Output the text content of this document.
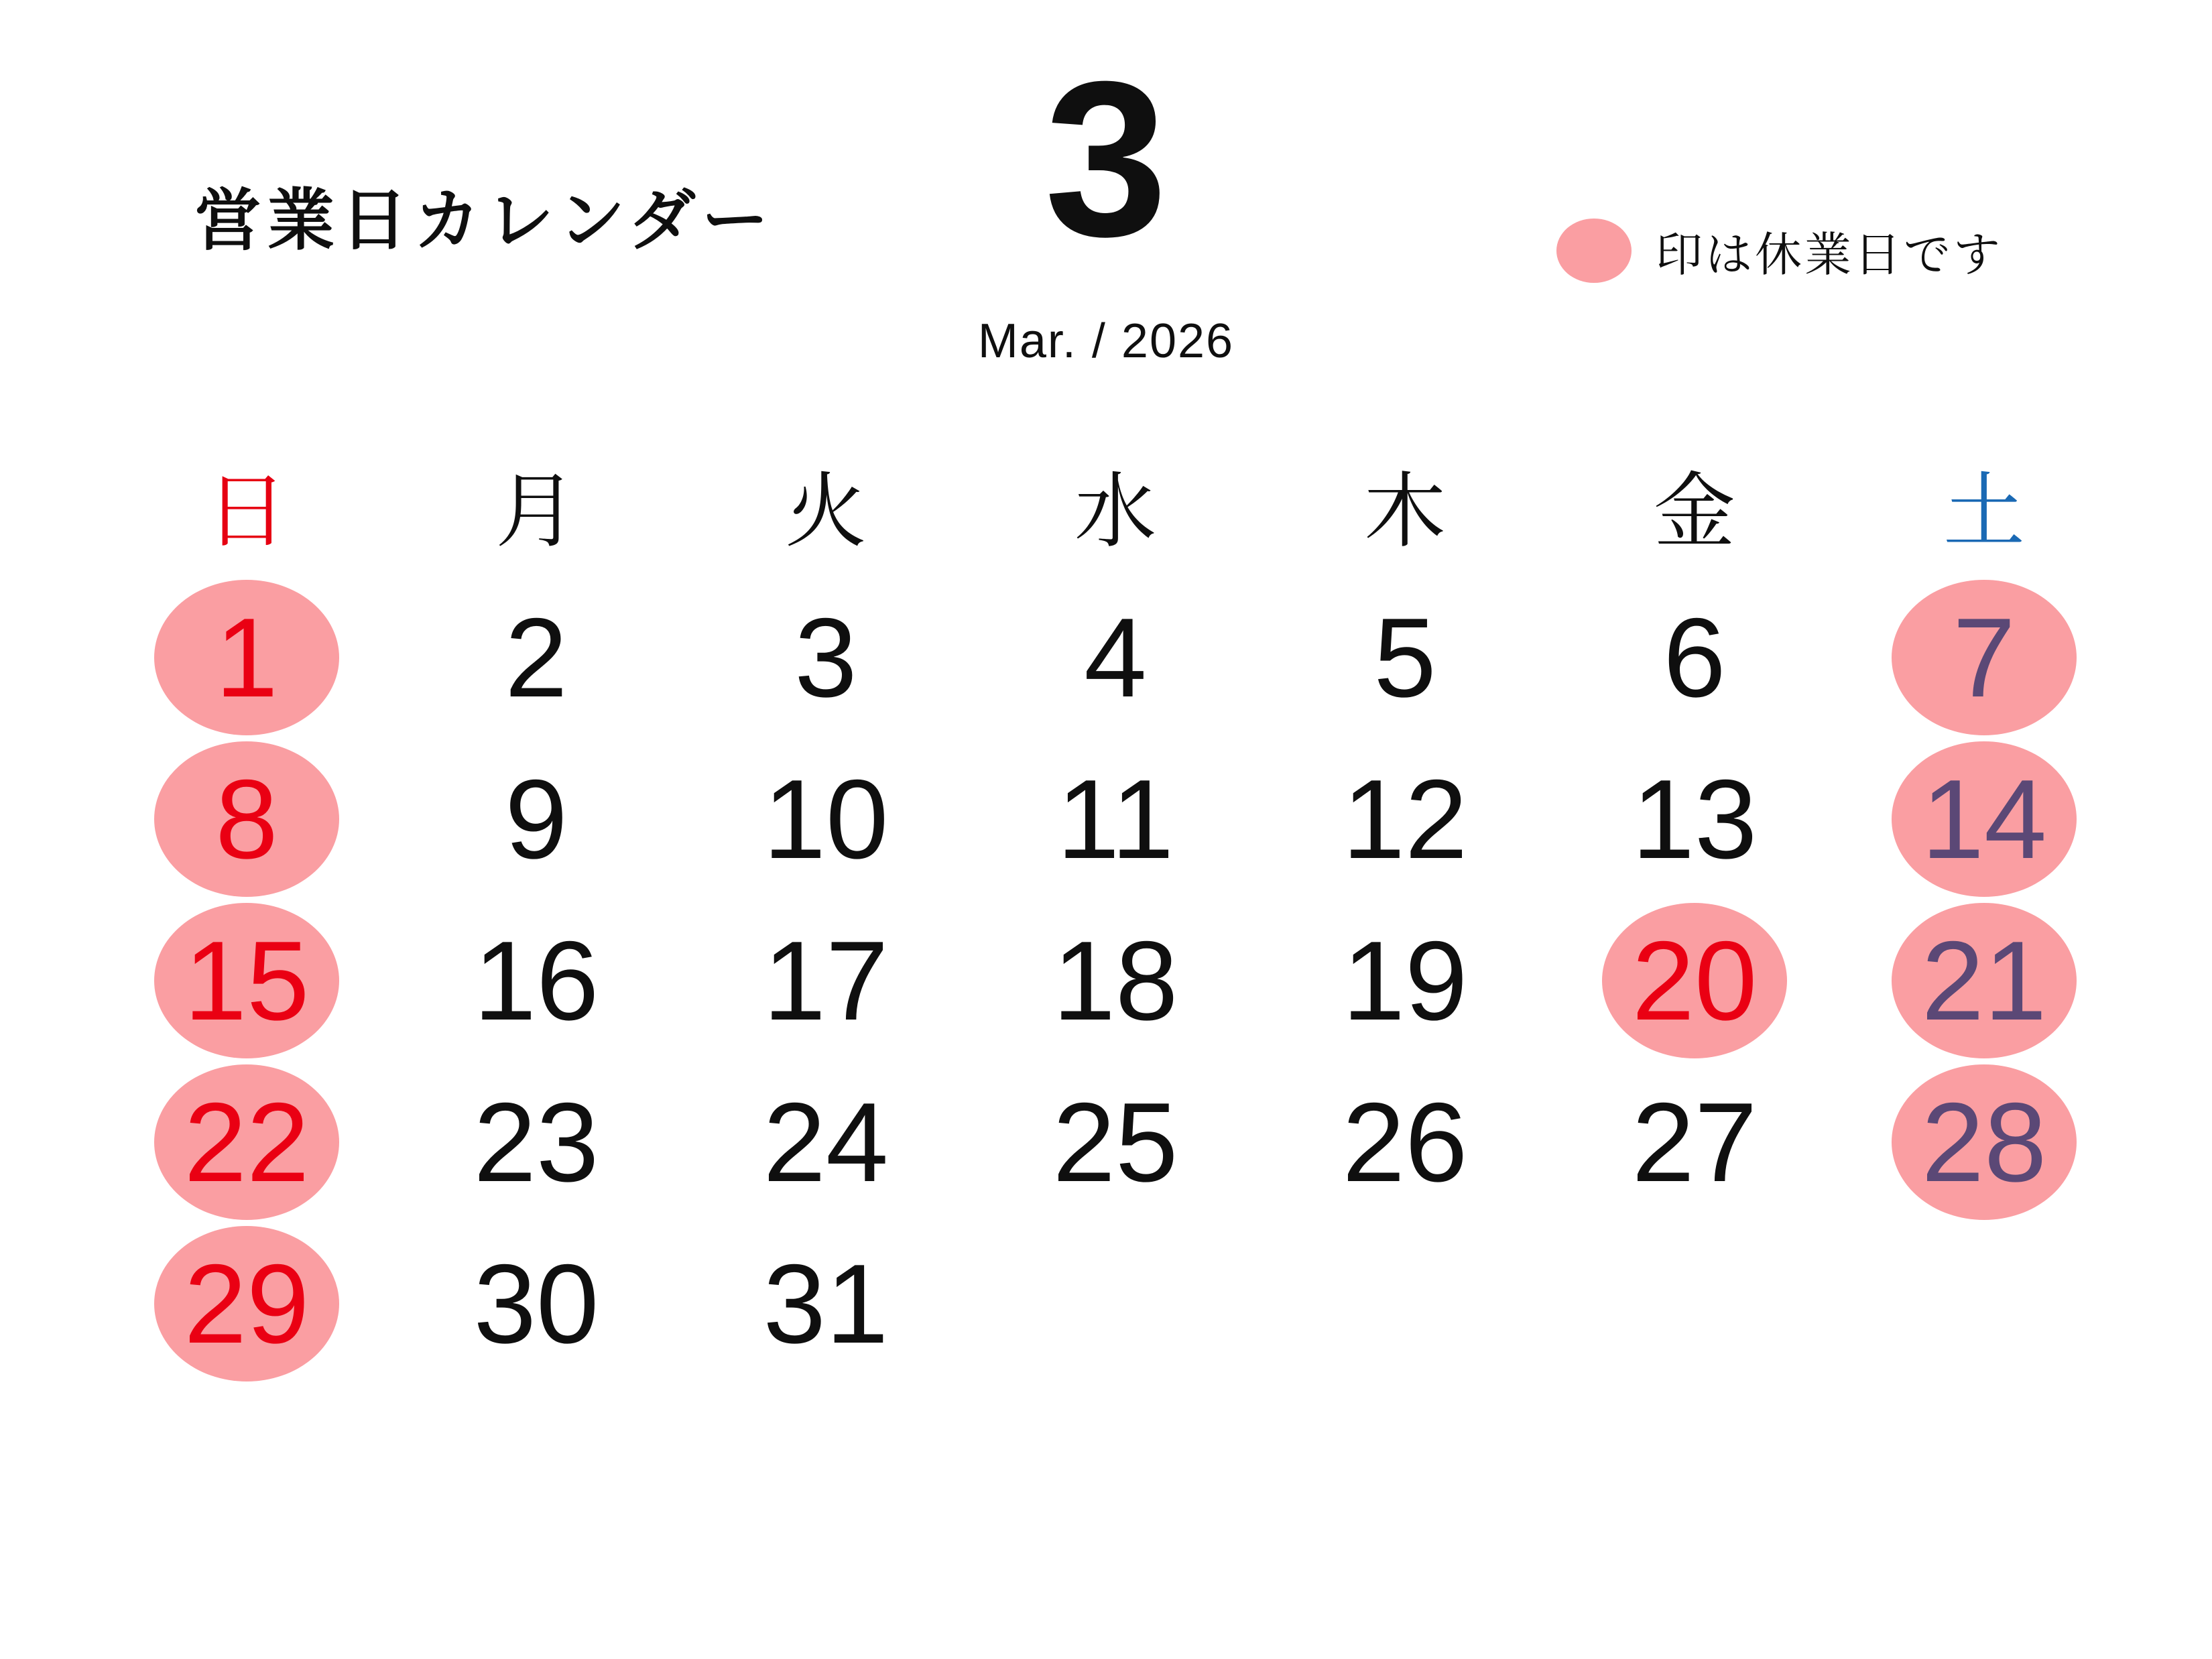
営業日カレンダー	3
Mar. / 2026
印は休業日です
日	月	火	水	木	金	土
1 2 3 4 5 6 7
8 9 10 11 12 13 14
15 16 17 18 19 20 21
22 23 24 25 26 27 28
29 30 31
